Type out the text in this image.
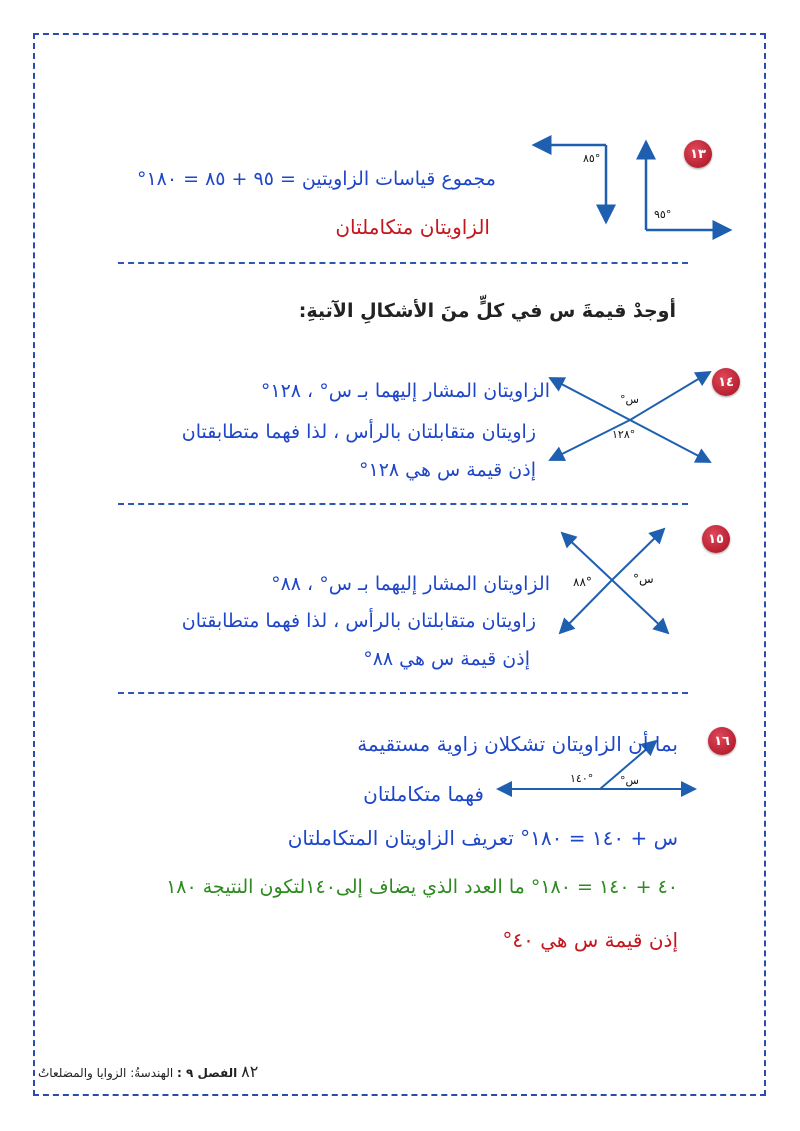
١٣
°٨٥
°٩٥
مجموع قياسات الزاويتين = ٩٥ + ٨٥ = ١٨٠°
الزاويتان متكاملتان
أوجدْ قيمةَ س في كلٍّ منَ الأشكالِ الآتيةِ:
١٤
س°
°١٢٨
الزاويتان المشار إليهما بـ س° ، ١٢٨°
زاويتان متقابلتان بالرأس ، لذا فهما متطابقتان
إذن قيمة س هي ١٢٨°
١٥
س°
°٨٨
الزاويتان المشار إليهما بـ س° ، ٨٨°
زاويتان متقابلتان بالرأس ، لذا فهما متطابقتان
إذن قيمة س هي ٨٨°
١٦
س°
°١٤٠
بما أن الزاويتان تشكلان زاوية مستقيمة
فهما متكاملتان
س + ١٤٠ = ١٨٠° تعريف الزاويتان المتكاملتان
٤٠ + ١٤٠ = ١٨٠° ما العدد الذي يضاف إلى١٤٠لتكون النتيجة ١٨٠
إذن قيمة س هي ٤٠°
٨٢ الفصل ٩ : الهندسةُ: الزوايا والمضلعاتُ
